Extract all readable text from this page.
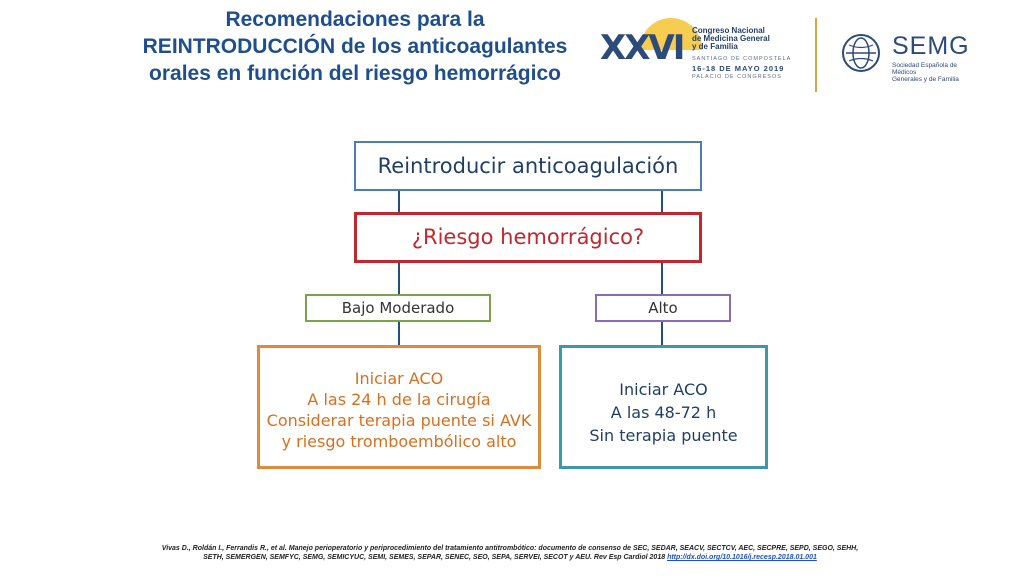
Recomendaciones para la
REINTRODUCCIÓN de los anticoagulantes
orales en función del riesgo hemorrágico
XXVI Congreso Nacional
de Medicina General
y de Familia
SANTIAGO DE COMPOSTELA
16-18 DE MAYO 2019
PALACIO DE CONGRESOS
SEMG
Sociedad Española de Médicos
Generales y de Familia
Reintroducir anticoagulación
¿Riesgo hemorrágico?
Bajo Moderado	Alto
Iniciar ACO
A las 24 h de la cirugía
Considerar terapia puente si AVK
y riesgo tromboembólico alto
Iniciar ACO
A las 48-72 h
Sin terapia puente
Vivas D., Roldán I., Ferrandis R., et al. Manejo perioperatorio y periprocedimiento del tratamiento antitrombótico: documento de consenso de SEC, SEDAR, SEACV, SECTCV, AEC, SECPRE, SEPD, SEGO, SEHH,
SETH, SEMERGEN, SEMFYC, SEMG, SEMICYUC, SEMI, SEMES, SEPAR, SENEC, SEO, SEPA, SERVEI, SECOT y AEU. Rev Esp Cardiol 2018 http://dx.doi.org/10.1016/j.recesp.2018.01.001
